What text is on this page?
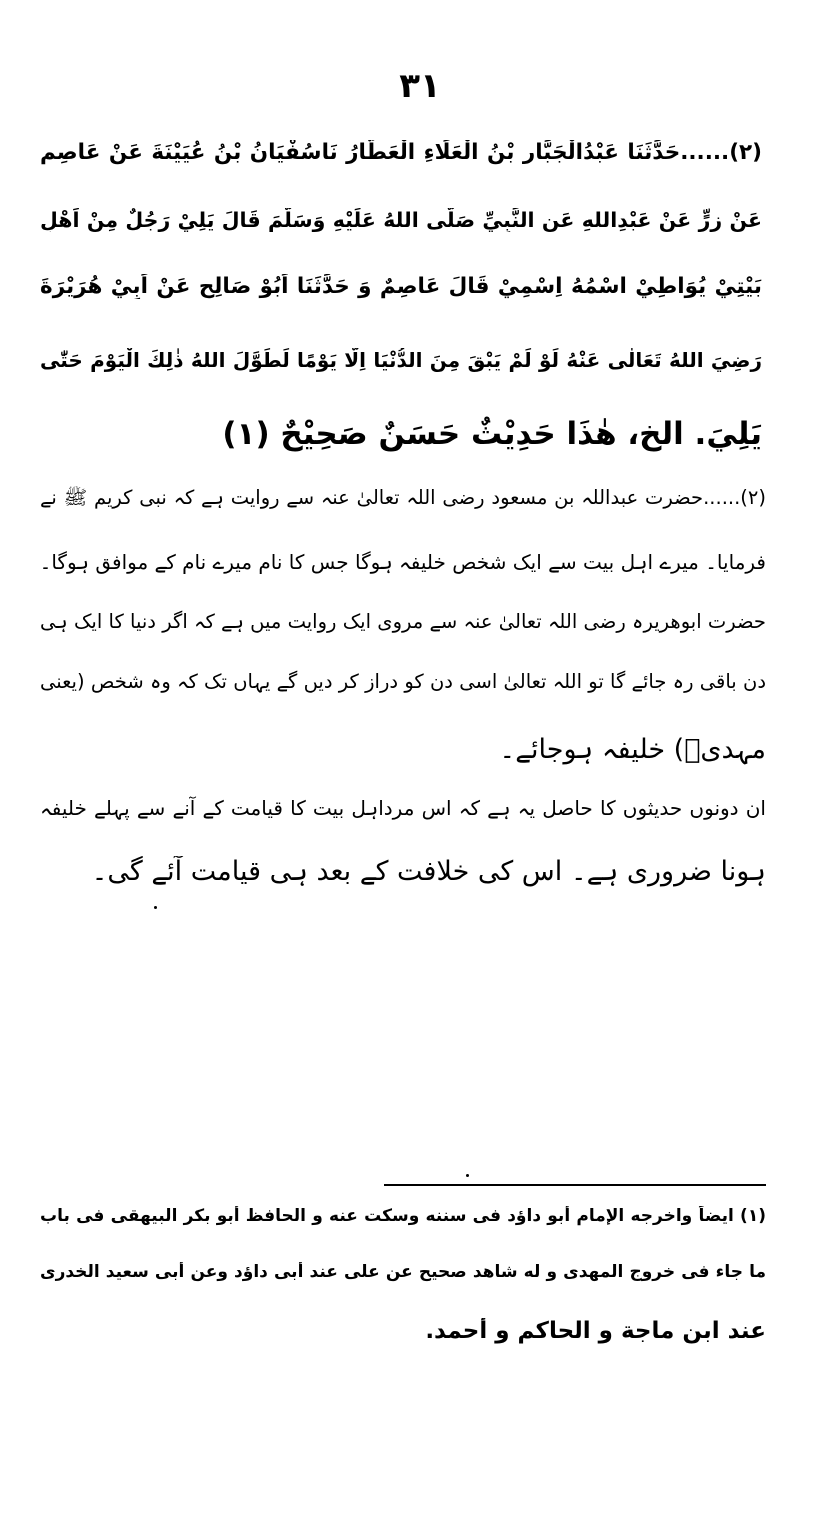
۳۱
(۲)......حَدَّثَنَا عَبْدُالْجَبَّارِ بْنُ الْعَلَاءِ الْعَطَّارُ نَاسُفْيَانُ بْنُ عُيَيْنَةَ عَنْ عَاصِمٍ
عَنْ زِرٍّ عَنْ عَبْدِاللهِ عَنِ النَّبِيِّ صَلَّى اللهُ عَلَيْهِ وَسَلَّمَ قَالَ يَلِيْ رَجُلٌ مِنْ اَهْلِ
بَيْتِيْ يُوَاطِيْ اسْمُهُ اِسْمِيْ قَالَ عَاصِمٌ وَ حَدَّثَنَا اَبُوْ صَالِحٍ عَنْ اَبِيْ هُرَيْرَةَ
رَضِيَ اللهُ تَعَالٰى عَنْهُ لَوْ لَمْ يَبْقَ مِنَ الدُّنْيَا اِلَّا يَوْمًا لَطَوَّلَ اللهُ ذٰلِكَ الْيَوْمَ حَتّٰى
يَلِيَ. الخ، هٰذَا حَدِيْثٌ حَسَنٌ صَحِيْحٌ (۱)
(۲)......حضرت عبداللہ بن مسعود رضی اللہ تعالیٰ عنہ سے روایت ہے کہ نبی کریم ﷺ نے
فرمایا۔ میرے اہل بیت سے ایک شخص خلیفہ ہوگا جس کا نام میرے نام کے موافق ہوگا۔
حضرت ابوھریرہ رضی اللہ تعالیٰ عنہ سے مروی ایک روایت میں ہے کہ اگر دنیا کا ایک ہی
دن باقی رہ جائے گا تو اللہ تعالیٰ اسی دن کو دراز کر دیں گے یہاں تک کہ وہ شخص (یعنی
مہدیؓ) خلیفہ ہوجائے۔
ان دونوں حدیثوں کا حاصل یہ ہے کہ اس مرداہل بیت کا قیامت کے آنے سے پہلے خلیفہ
ہونا ضروری ہے۔ اس کی خلافت کے بعد ہی قیامت آئے گی۔
(۱) ایضاً واخرجه الإمام أبو داؤد فى سننه وسكت عنه و الحافظ أبو بكر البيهقى فى باب
ما جاء فى خروج المهدى و له شاهد صحيح عن على عند أبى داؤد وعن أبى سعيد الخدرى
عند ابن ماجة و الحاكم و أحمد.
